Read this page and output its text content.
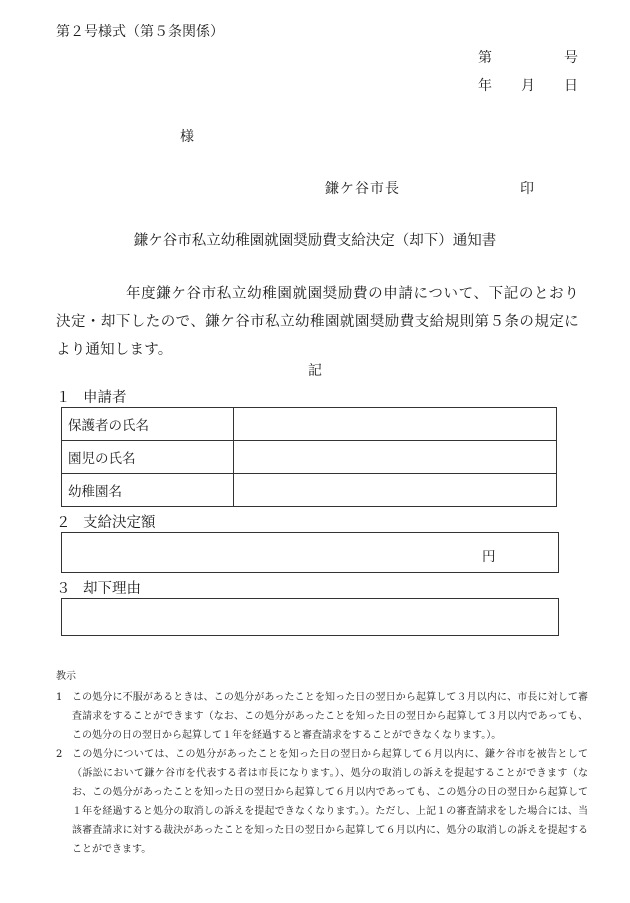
第２号様式（第５条関係）
第	号
年 月 日
様
鎌ケ谷市長	印
鎌ケ谷市私立幼稚園就園奨励費支給決定（却下）通知書
年度鎌ケ谷市私立幼稚園就園奨励費の申請について、下記のとおり決定・却下したので、鎌ケ谷市私立幼稚園就園奨励費支給規則第５条の規定により通知します。
記
１ 申請者
保護者の氏名	
園児の氏名	
幼稚園名	
２ 支給決定額
円
３ 却下理由
教示
1 この処分に不服があるときは、この処分があったことを知った日の翌日から起算して３月以内に、市長に対して審査請求をすることができます（なお、この処分があったことを知った日の翌日から起算して３月以内であっても、この処分の日の翌日から起算して１年を経過すると審査請求をすることができなくなります。）。
2 この処分については、この処分があったことを知った日の翌日から起算して６月以内に、鎌ケ谷市を被告として（訴訟において鎌ケ谷市を代表する者は市長になります。）、処分の取消しの訴えを提起することができます（なお、この処分があったことを知った日の翌日から起算して６月以内であっても、この処分の日の翌日から起算して１年を経過すると処分の取消しの訴えを提起できなくなります。）。ただし、上記１の審査請求をした場合には、当該審査請求に対する裁決があったことを知った日の翌日から起算して６月以内に、処分の取消しの訴えを提起することができます。
